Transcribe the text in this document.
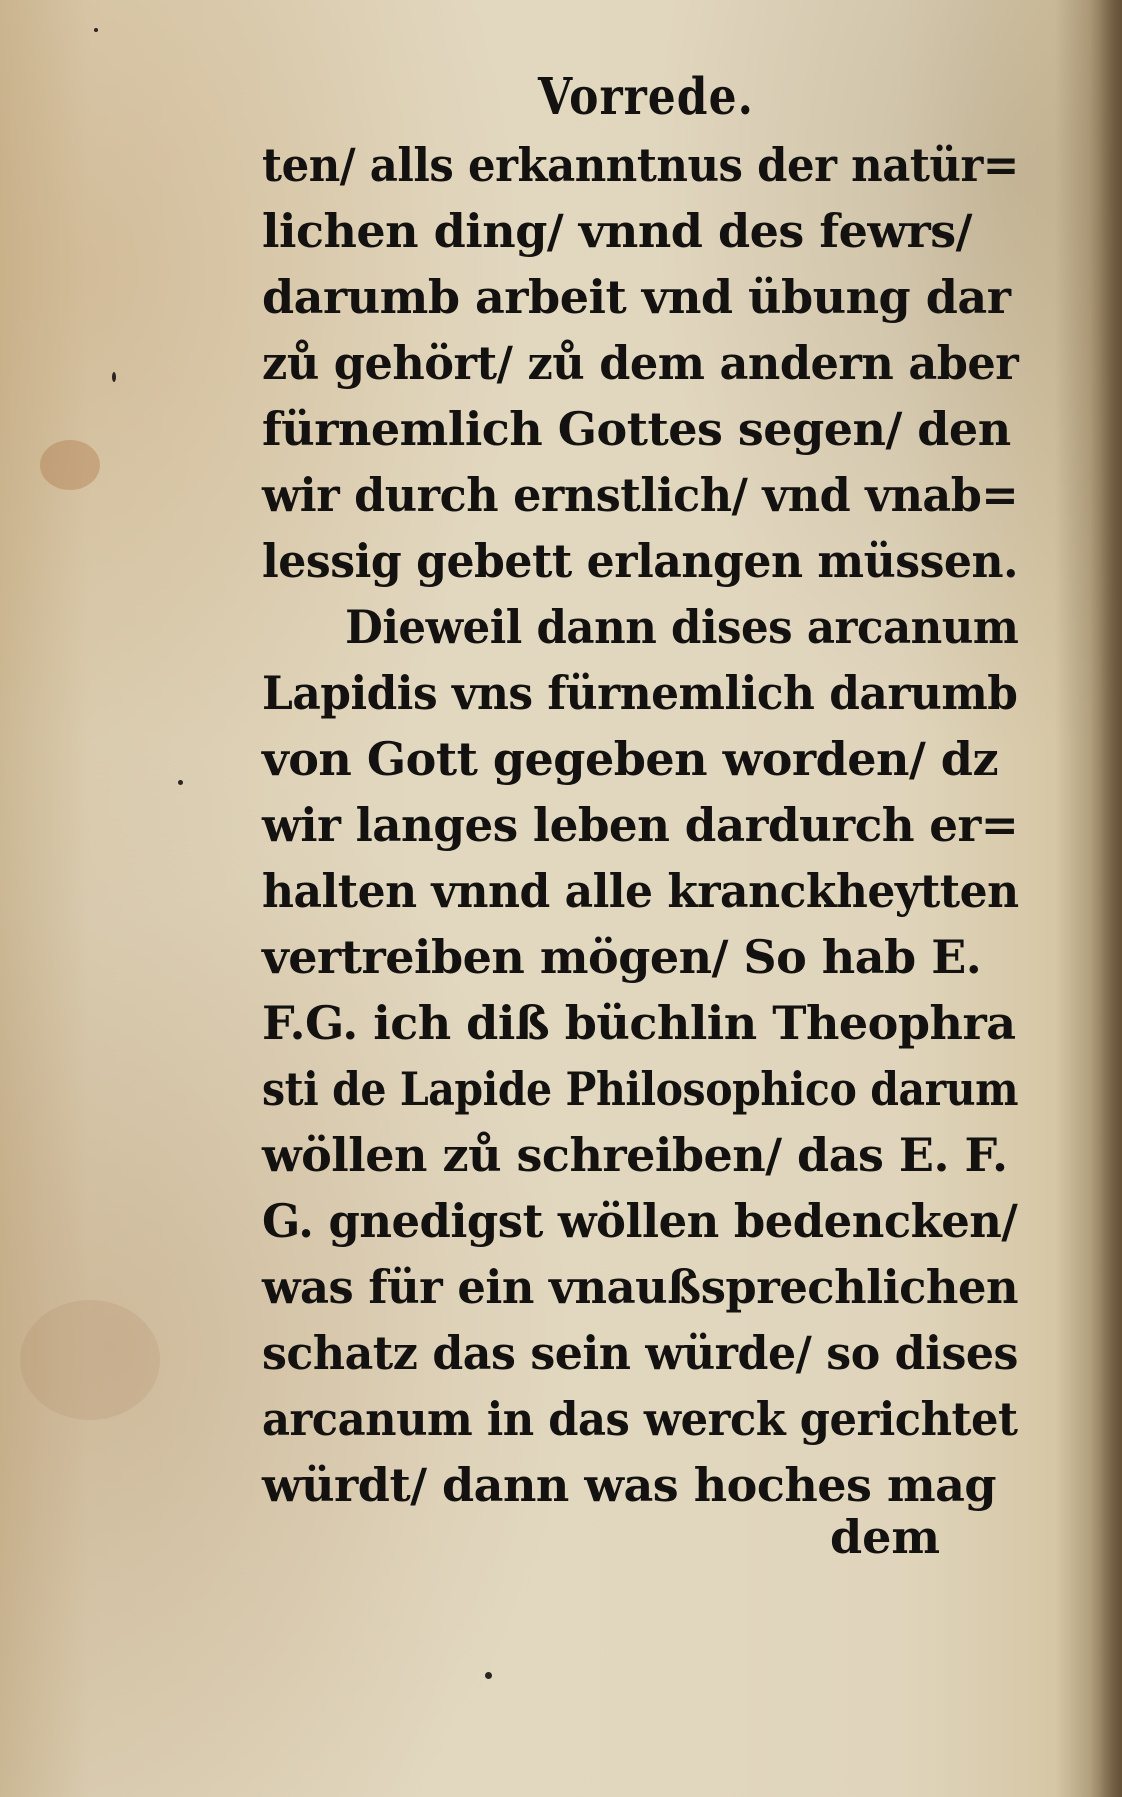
Vorrede.
ten/ alls erkanntnus der natür=
lichen ding/ vnnd des fewrs/
darumb arbeit vnd übung dar
zů gehört/ zů dem andern aber
fürnemlich Gottes segen/ den
wir durch ernstlich/ vnd vnab=
lessig gebett erlangen müssen.
Dieweil dann dises arcanum
Lapidis vns fürnemlich darumb
von Gott gegeben worden/ dz
wir langes leben dardurch er=
halten vnnd alle kranckheytten
vertreiben mögen/ So hab E.
F.G. ich diß büchlin Theophra
sti de Lapide Philosophico darum
wöllen zů schreiben/ das E. F.
G. gnedigst wöllen bedencken/
was für ein vnaußsprechlichen
schatz das sein würde/ so dises
arcanum in das werck gerichtet
würdt/ dann was hoches mag
dem
